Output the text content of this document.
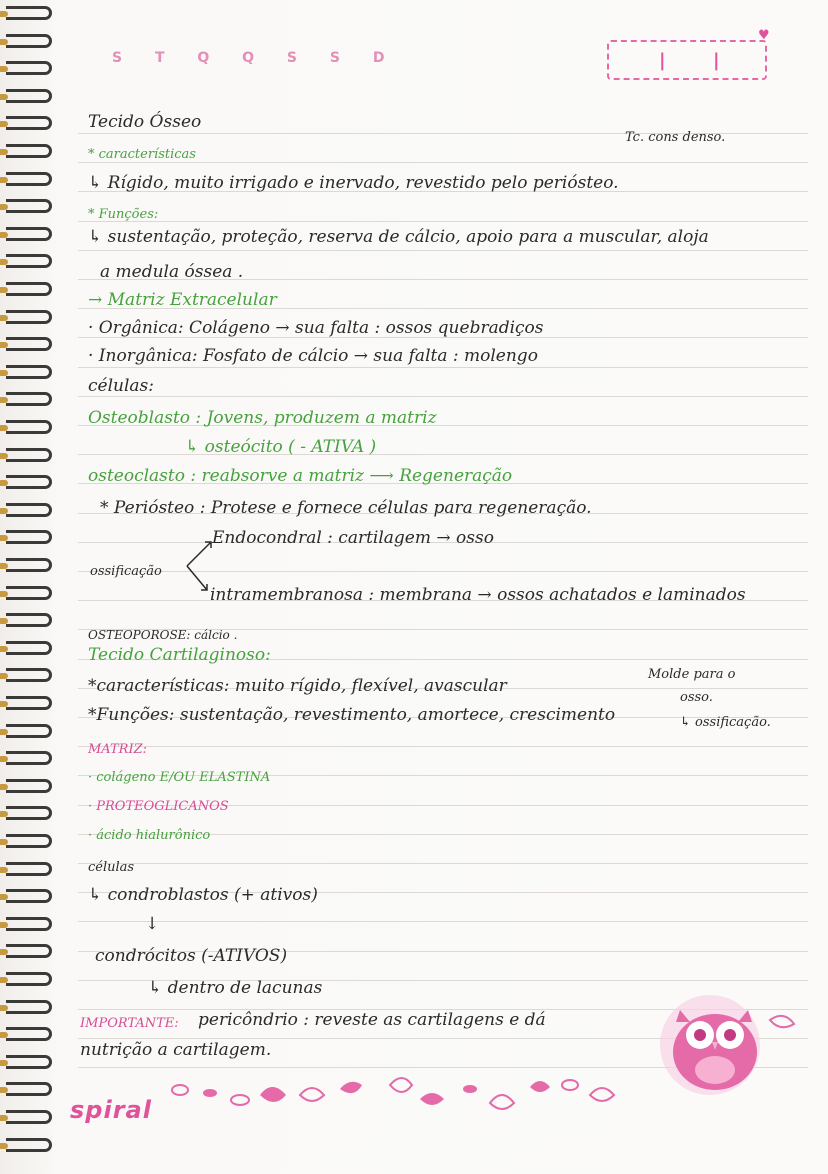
S T Q Q S S D	|	|
♥
Tecido Ósseo
* características
Tc. cons denso.
↳ Rígido, muito irrigado e inervado, revestido pelo periósteo.
* Funções:
↳ sustentação, proteção, reserva de cálcio, apoio para a muscular, aloja
a medula óssea .
→ Matriz Extracelular
· Orgânica: Colágeno → sua falta : ossos quebradiços
· Inorgânica: Fosfato de cálcio → sua falta : molengo
células:
Osteoblasto : Jovens, produzem a matriz
↳ osteócito ( - ATIVA )
osteoclasto : reabsorve a matriz ⟶ Regeneração
* Periósteo : Protese e fornece células para regeneração.
Endocondral : cartilagem → osso
ossificação
intramembranosa : membrana → ossos achatados e laminados
OSTEOPOROSE: cálcio .
Tecido Cartilaginoso:
*características: muito rígido, flexível, avascular
Molde para o
osso.
*Funções: sustentação, revestimento, amortece, crescimento	↳ ossificação.
MATRIZ:
· colágeno E/OU ELASTINA
· PROTEOGLICANOS
· ácido hialurônico
células
↳ condroblastos (+ ativos)
↓
condrócitos (-ATIVOS)
↳ dentro de lacunas
IMPORTANTE: pericôndrio : reveste as cartilagens e dá
nutrição a cartilagem.
spiral
